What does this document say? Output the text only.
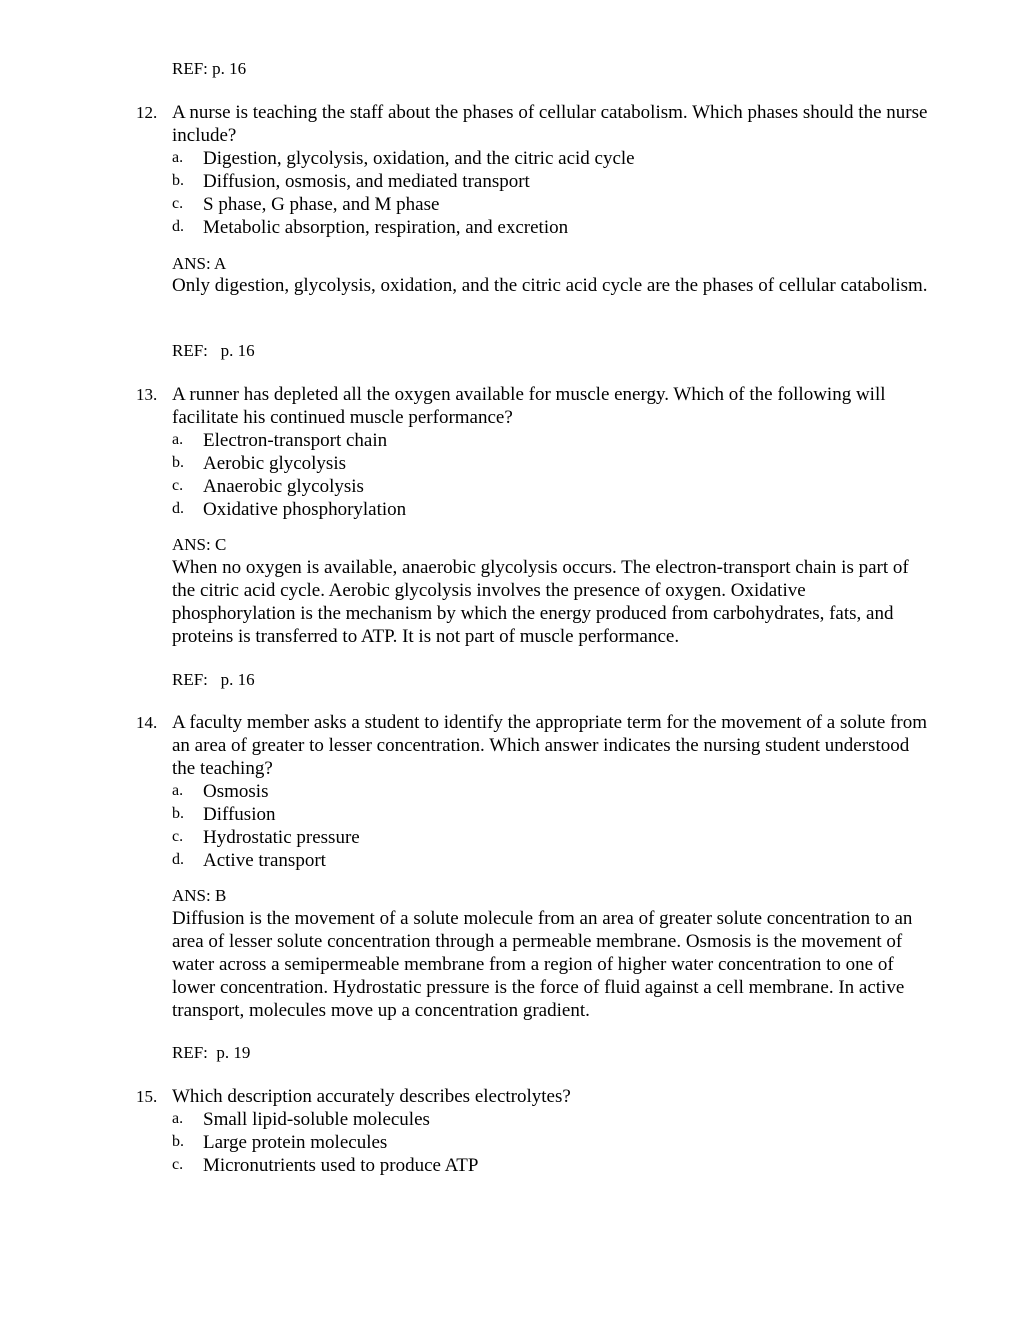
REF: p. 16
12. A nurse is teaching the staff about the phases of cellular catabolism. Which phases should the nurse include?
a. Digestion, glycolysis, oxidation, and the citric acid cycle
b. Diffusion, osmosis, and mediated transport
c. S phase, G phase, and M phase
d. Metabolic absorption, respiration, and excretion
ANS: A
Only digestion, glycolysis, oxidation, and the citric acid cycle are the phases of cellular catabolism.
REF:   p. 16
13. A runner has depleted all the oxygen available for muscle energy. Which of the following will facilitate his continued muscle performance?
a. Electron-transport chain
b. Aerobic glycolysis
c. Anaerobic glycolysis
d. Oxidative phosphorylation
ANS: C
When no oxygen is available, anaerobic glycolysis occurs. The electron-transport chain is part of the citric acid cycle. Aerobic glycolysis involves the presence of oxygen. Oxidative phosphorylation is the mechanism by which the energy produced from carbohydrates, fats, and proteins is transferred to ATP. It is not part of muscle performance.
REF:   p. 16
14. A faculty member asks a student to identify the appropriate term for the movement of a solute from an area of greater to lesser concentration. Which answer indicates the nursing student understood the teaching?
a. Osmosis
b. Diffusion
c. Hydrostatic pressure
d. Active transport
ANS: B
Diffusion is the movement of a solute molecule from an area of greater solute concentration to an area of lesser solute concentration through a permeable membrane. Osmosis is the movement of water across a semipermeable membrane from a region of higher water concentration to one of lower concentration. Hydrostatic pressure is the force of fluid against a cell membrane. In active transport, molecules move up a concentration gradient.
REF:  p. 19
15. Which description accurately describes electrolytes?
a. Small lipid-soluble molecules
b. Large protein molecules
c. Micronutrients used to produce ATP
